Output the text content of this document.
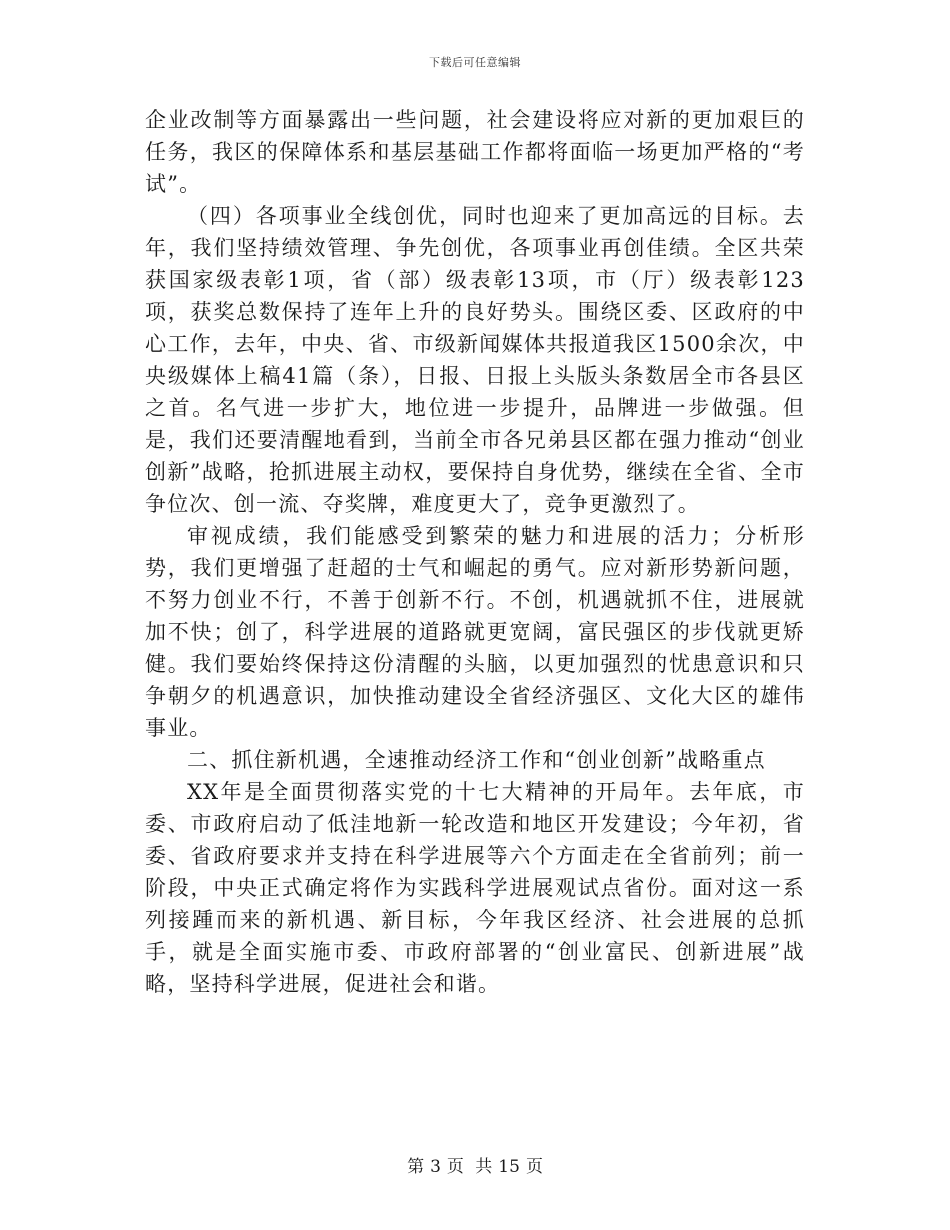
下载后可任意编辑

企业改制等方面暴露出一些问题，社会建设将应对新的更加艰巨的任务，我区的保障体系和基层基础工作都将面临一场更加严格的“考试”。

（四）各项事业全线创优，同时也迎来了更加高远的目标。去年，我们坚持绩效管理、争先创优，各项事业再创佳绩。全区共荣获国家级表彰1项，省（部）级表彰13项，市（厅）级表彰123项，获奖总数保持了连年上升的良好势头。围绕区委、区政府的中心工作，去年，中央、省、市级新闻媒体共报道我区1500余次，中央级媒体上稿41篇（条），日报、日报上头版头条数居全市各县区之首。名气进一步扩大，地位进一步提升，品牌进一步做强。但是，我们还要清醒地看到，当前全市各兄弟县区都在强力推动“创业创新”战略，抢抓进展主动权，要保持自身优势，继续在全省、全市争位次、创一流、夺奖牌，难度更大了，竞争更激烈了。

审视成绩，我们能感受到繁荣的魅力和进展的活力；分析形势，我们更增强了赶超的士气和崛起的勇气。应对新形势新问题，不努力创业不行，不善于创新不行。不创，机遇就抓不住，进展就加不快；创了，科学进展的道路就更宽阔，富民强区的步伐就更矫健。我们要始终保持这份清醒的头脑，以更加强烈的忧患意识和只争朝夕的机遇意识，加快推动建设全省经济强区、文化大区的雄伟事业。

二、抓住新机遇，全速推动经济工作和“创业创新”战略重点

XX年是全面贯彻落实党的十七大精神的开局年。去年底，市委、市政府启动了低洼地新一轮改造和地区开发建设；今年初，省委、省政府要求并支持在科学进展等六个方面走在全省前列；前一阶段，中央正式确定将作为实践科学进展观试点省份。面对这一系列接踵而来的新机遇、新目标，今年我区经济、社会进展的总抓手，就是全面实施市委、市政府部署的“创业富民、创新进展”战略，坚持科学进展，促进社会和谐。

第 3 页 共 15 页
